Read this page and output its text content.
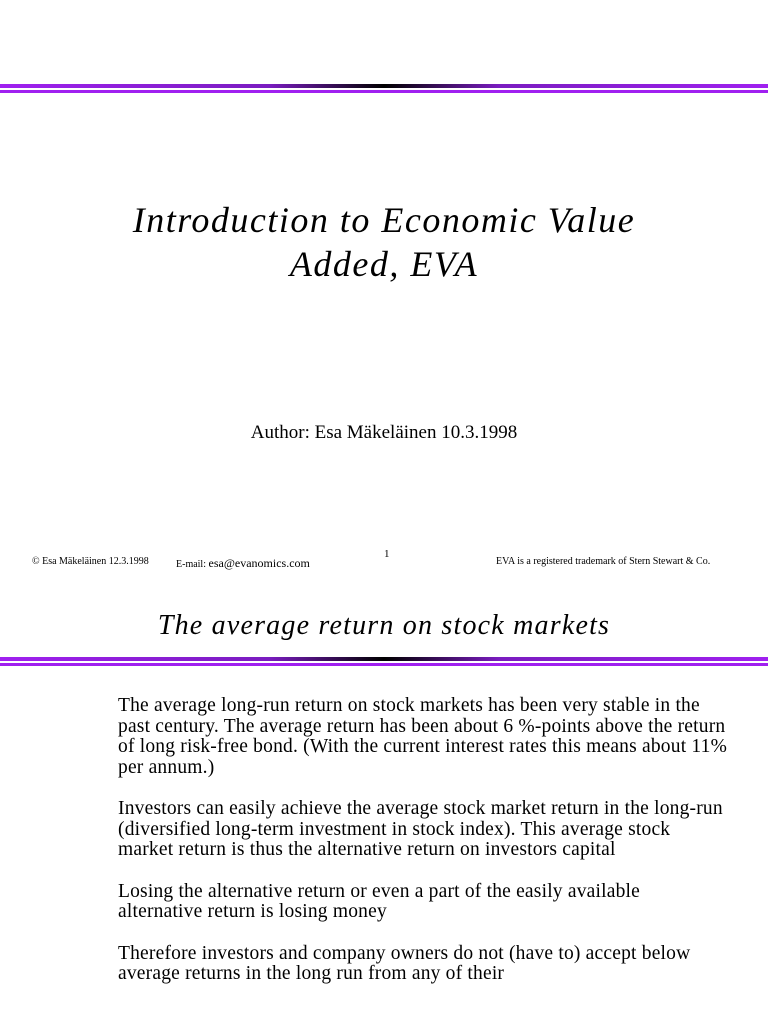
Introduction to Economic Value
Added, EVA
Author: Esa Mäkeläinen 10.3.1998
1
© Esa Mäkeläinen 12.3.1998	E-mail: esa@evanomics.com	EVA is a registered trademark of Stern Stewart & Co.
The average return on stock markets

The average long-run return on stock markets has been very stable in the past century. The average return has been about 6 %-points above the return of long risk-free bond. (With the current interest rates this means about 11% per annum.)

Investors can easily achieve the average stock market return in the long-run (diversified long-term investment in stock index). This average stock market return is thus the alternative return on investors capital

Losing the alternative return or even a part of the easily available alternative return is losing money

Therefore investors and company owners do not (have to) accept below average returns in the long run from any of their
